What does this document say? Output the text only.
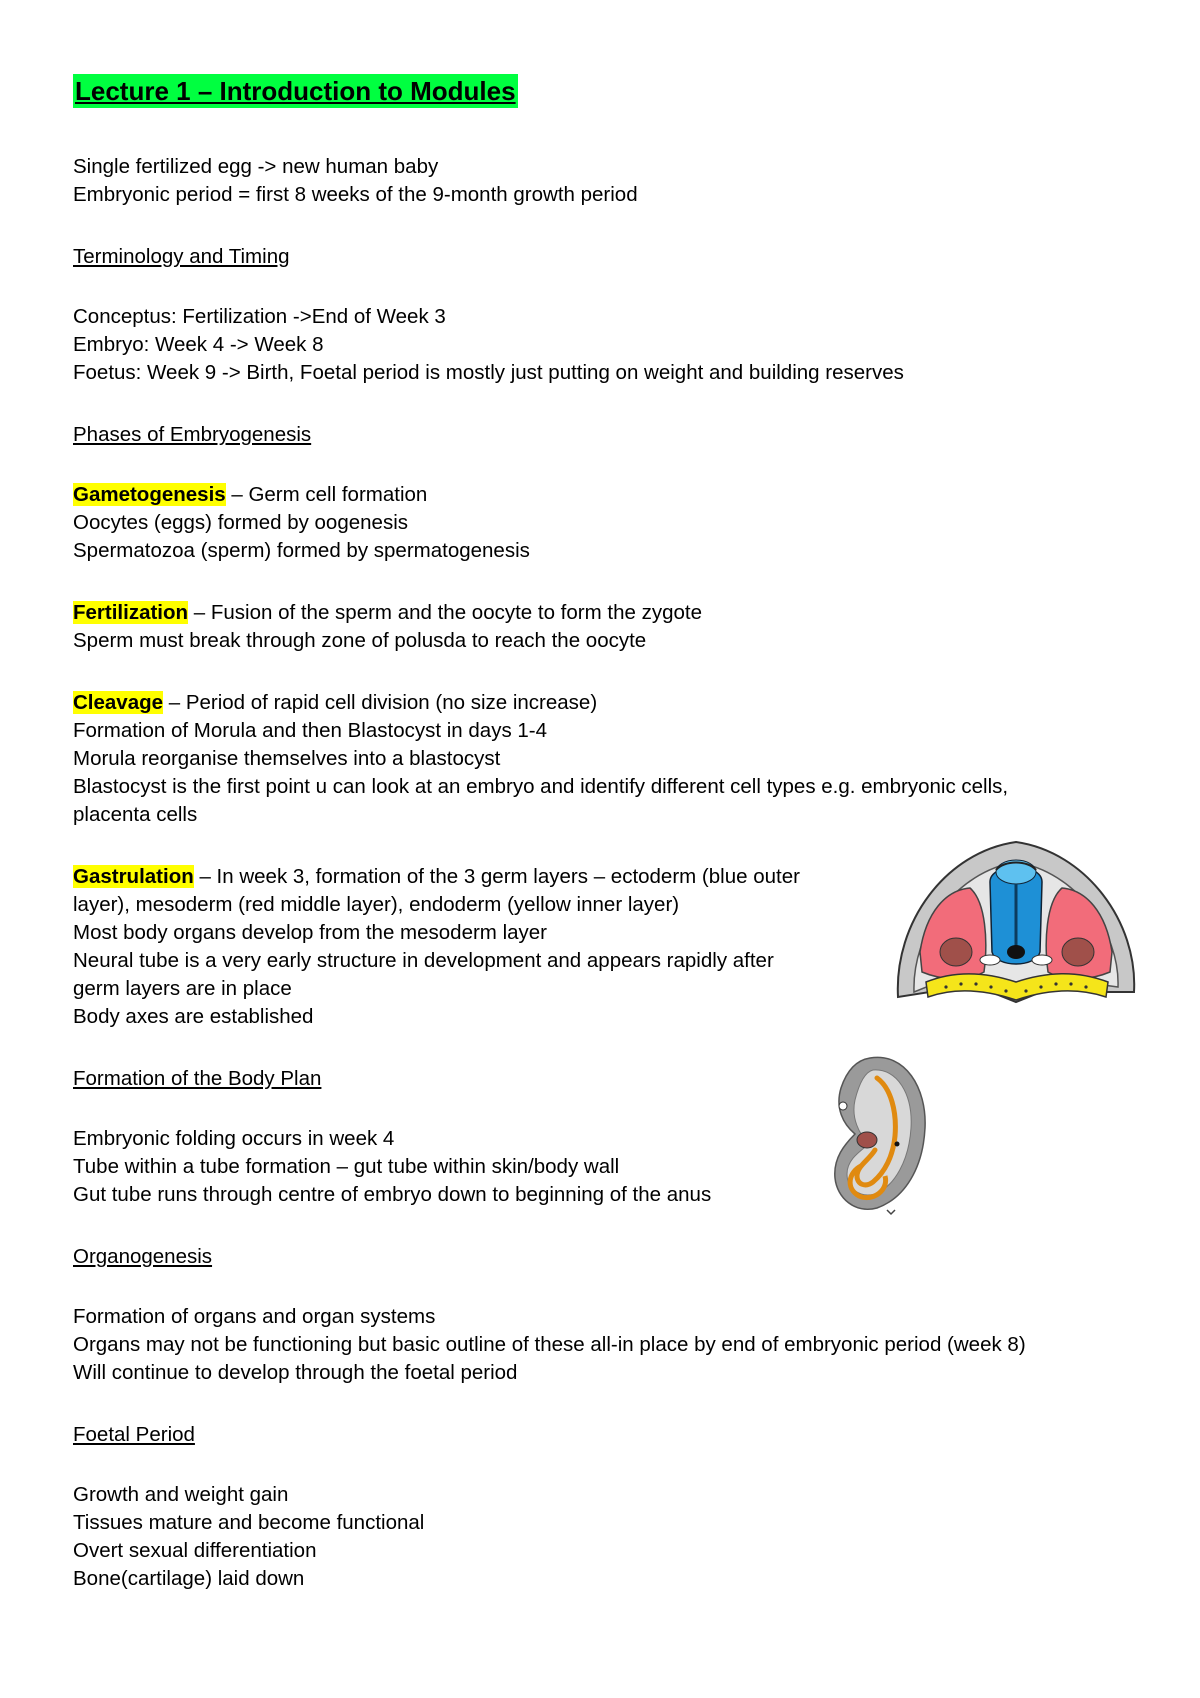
Lecture 1 – Introduction to Modules
Single fertilized egg -> new human baby
Embryonic period = first 8 weeks of the 9-month growth period
Terminology and Timing
Conceptus: Fertilization ->End of Week 3
Embryo: Week 4 -> Week 8
Foetus: Week 9 -> Birth, Foetal period is mostly just putting on weight and building reserves
Phases of Embryogenesis
Gametogenesis – Germ cell formation
Oocytes (eggs) formed by oogenesis
Spermatozoa (sperm) formed by spermatogenesis
Fertilization – Fusion of the sperm and the oocyte to form the zygote
Sperm must break through zone of polusda to reach the oocyte
Cleavage – Period of rapid cell division (no size increase)
Formation of Morula and then Blastocyst in days 1-4
Morula reorganise themselves into a blastocyst
Blastocyst is the first point u can look at an embryo and identify different cell types e.g. embryonic cells,
placenta cells
Gastrulation – In week 3, formation of the 3 germ layers – ectoderm (blue outer
layer), mesoderm (red middle layer), endoderm (yellow inner layer)
Most body organs develop from the mesoderm layer
Neural tube is a very early structure in development and appears rapidly after
germ layers are in place
Body axes are established
Formation of the Body Plan
Embryonic folding occurs in week 4
Tube within a tube formation – gut tube within skin/body wall
Gut tube runs through centre of embryo down to beginning of the anus
Organogenesis
Formation of organs and organ systems
Organs may not be functioning but basic outline of these all-in place by end of embryonic period (week 8)
Will continue to develop through the foetal period
Foetal Period
Growth and weight gain
Tissues mature and become functional
Overt sexual differentiation
Bone(cartilage) laid down
